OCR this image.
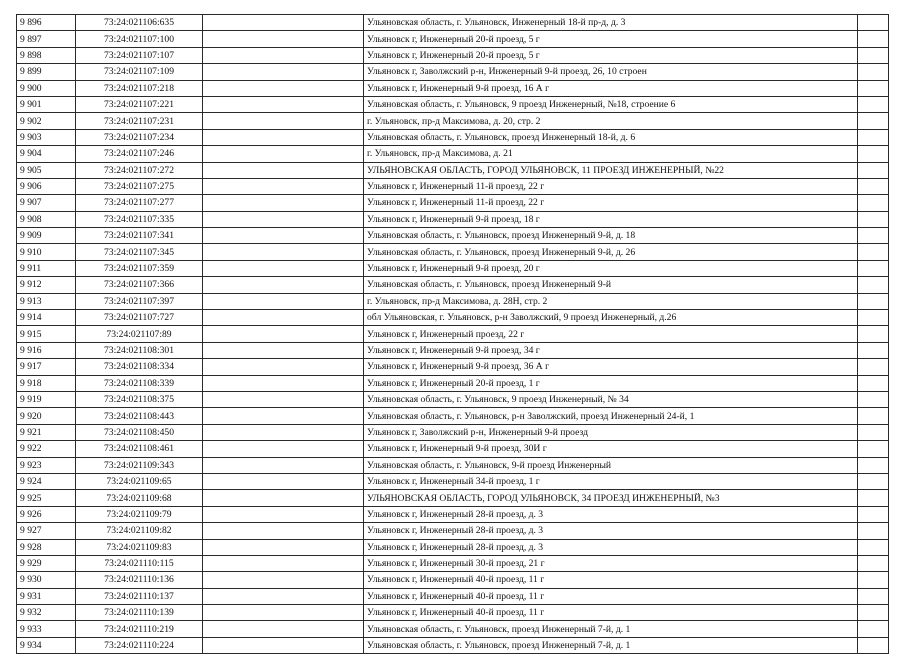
9 896	73:24:021106:635		Ульяновская область, г. Ульяновск, Инженерный 18-й пр-д, д. 3	
9 897	73:24:021107:100		Ульяновск г, Инженерный 20-й проезд, 5 г	
9 898	73:24:021107:107		Ульяновск г, Инженерный 20-й проезд, 5 г	
9 899	73:24:021107:109		Ульяновск г, Заволжский р-н, Инженерный 9-й проезд, 26, 10 строен	
9 900	73:24:021107:218		Ульяновск г, Инженерный 9-й проезд, 16 А г	
9 901	73:24:021107:221		Ульяновская область, г. Ульяновск, 9 проезд Инженерный, №18, строение 6	
9 902	73:24:021107:231		г. Ульяновск, пр-д Максимова, д. 20, стр. 2	
9 903	73:24:021107:234		Ульяновская область, г. Ульяновск, проезд Инженерный 18-й, д. 6	
9 904	73:24:021107:246		г. Ульяновск, пр-д Максимова, д. 21	
9 905	73:24:021107:272		УЛЬЯНОВСКАЯ ОБЛАСТЬ, ГОРОД УЛЬЯНОВСК, 11 ПРОЕЗД ИНЖЕНЕРНЫЙ, №22	
9 906	73:24:021107:275		Ульяновск г, Инженерный 11-й проезд, 22 г	
9 907	73:24:021107:277		Ульяновск г, Инженерный 11-й проезд, 22 г	
9 908	73:24:021107:335		Ульяновск г, Инженерный 9-й проезд, 18 г	
9 909	73:24:021107:341		Ульяновская область, г. Ульяновск, проезд Инженерный 9-й, д. 18	
9 910	73:24:021107:345		Ульяновская область, г. Ульяновск, проезд Инженерный 9-й, д. 26	
9 911	73:24:021107:359		Ульяновск г, Инженерный 9-й проезд, 20 г	
9 912	73:24:021107:366		Ульяновская область, г. Ульяновск, проезд Инженерный 9-й	
9 913	73:24:021107:397		г. Ульяновск, пр-д Максимова, д. 28Н, стр. 2	
9 914	73:24:021107:727		обл Ульяновская, г. Ульяновск, р-н Заволжский, 9 проезд Инженерный, д.26	
9 915	73:24:021107:89		Ульяновск г, Инженерный проезд, 22 г	
9 916	73:24:021108:301		Ульяновск г, Инженерный 9-й проезд, 34 г	
9 917	73:24:021108:334		Ульяновск г, Инженерный 9-й проезд, 36 А г	
9 918	73:24:021108:339		Ульяновск г, Инженерный 20-й проезд, 1 г	
9 919	73:24:021108:375		Ульяновская область, г. Ульяновск, 9 проезд Инженерный, № 34	
9 920	73:24:021108:443		Ульяновская область, г. Ульяновск, р-н Заволжский, проезд Инженерный 24-й, 1	
9 921	73:24:021108:450		Ульяновск г, Заволжский р-н, Инженерный 9-й проезд	
9 922	73:24:021108:461		Ульяновск г, Инженерный 9-й проезд, 30И г	
9 923	73:24:021109:343		Ульяновская область, г. Ульяновск, 9-й проезд Инженерный	
9 924	73:24:021109:65		Ульяновск г, Инженерный 34-й проезд, 1 г	
9 925	73:24:021109:68		УЛЬЯНОВСКАЯ ОБЛАСТЬ, ГОРОД УЛЬЯНОВСК, 34 ПРОЕЗД ИНЖЕНЕРНЫЙ, №3	
9 926	73:24:021109:79		Ульяновск г, Инженерный 28-й проезд, д. 3	
9 927	73:24:021109:82		Ульяновск г, Инженерный 28-й проезд, д. 3	
9 928	73:24:021109:83		Ульяновск г, Инженерный 28-й проезд, д. 3	
9 929	73:24:021110:115		Ульяновск г, Инженерный 30-й проезд, 21 г	
9 930	73:24:021110:136		Ульяновск г, Инженерный 40-й проезд, 11 г	
9 931	73:24:021110:137		Ульяновск г, Инженерный 40-й проезд, 11 г	
9 932	73:24:021110:139		Ульяновск г, Инженерный 40-й проезд, 11 г	
9 933	73:24:021110:219		Ульяновская область, г. Ульяновск, проезд Инженерный 7-й, д. 1	
9 934	73:24:021110:224		Ульяновская область, г. Ульяновск, проезд Инженерный 7-й, д. 1	
